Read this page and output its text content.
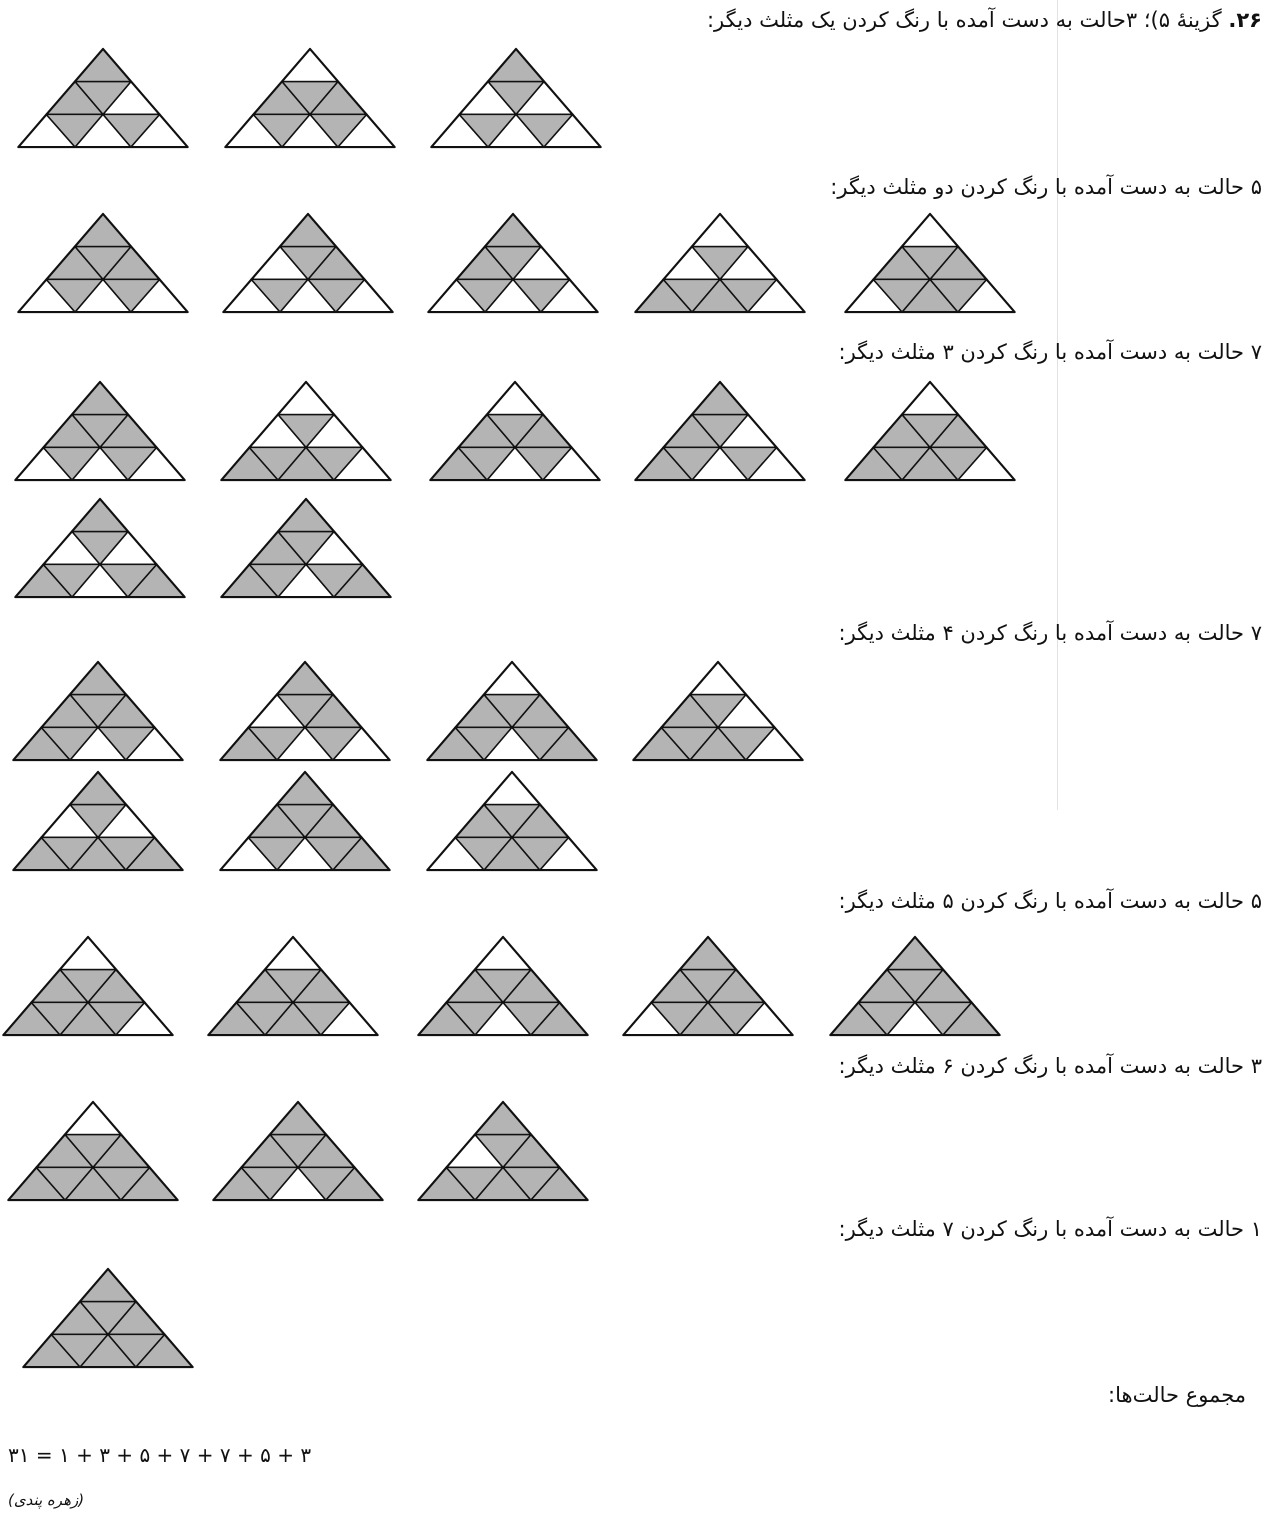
۲۶. گزینهٔ ۵)؛ ۳حالت به دست آمده با رنگ کردن یک مثلث دیگر:
۵ حالت به دست آمده با رنگ کردن دو مثلث دیگر:
۷ حالت به دست آمده با رنگ کردن ۳ مثلث دیگر:
۷ حالت به دست آمده با رنگ کردن ۴ مثلث دیگر:
۵ حالت به دست آمده با رنگ کردن ۵ مثلث دیگر:
۳ حالت به دست آمده با رنگ کردن ۶ مثلث دیگر:
۱ حالت به دست آمده با رنگ کردن ۷ مثلث دیگر:
مجموع حالت‌ها:
۳ + ۵ + ۷ + ۷ + ۵ + ۳ + ۱ = ۳۱
(زهره پندی)
